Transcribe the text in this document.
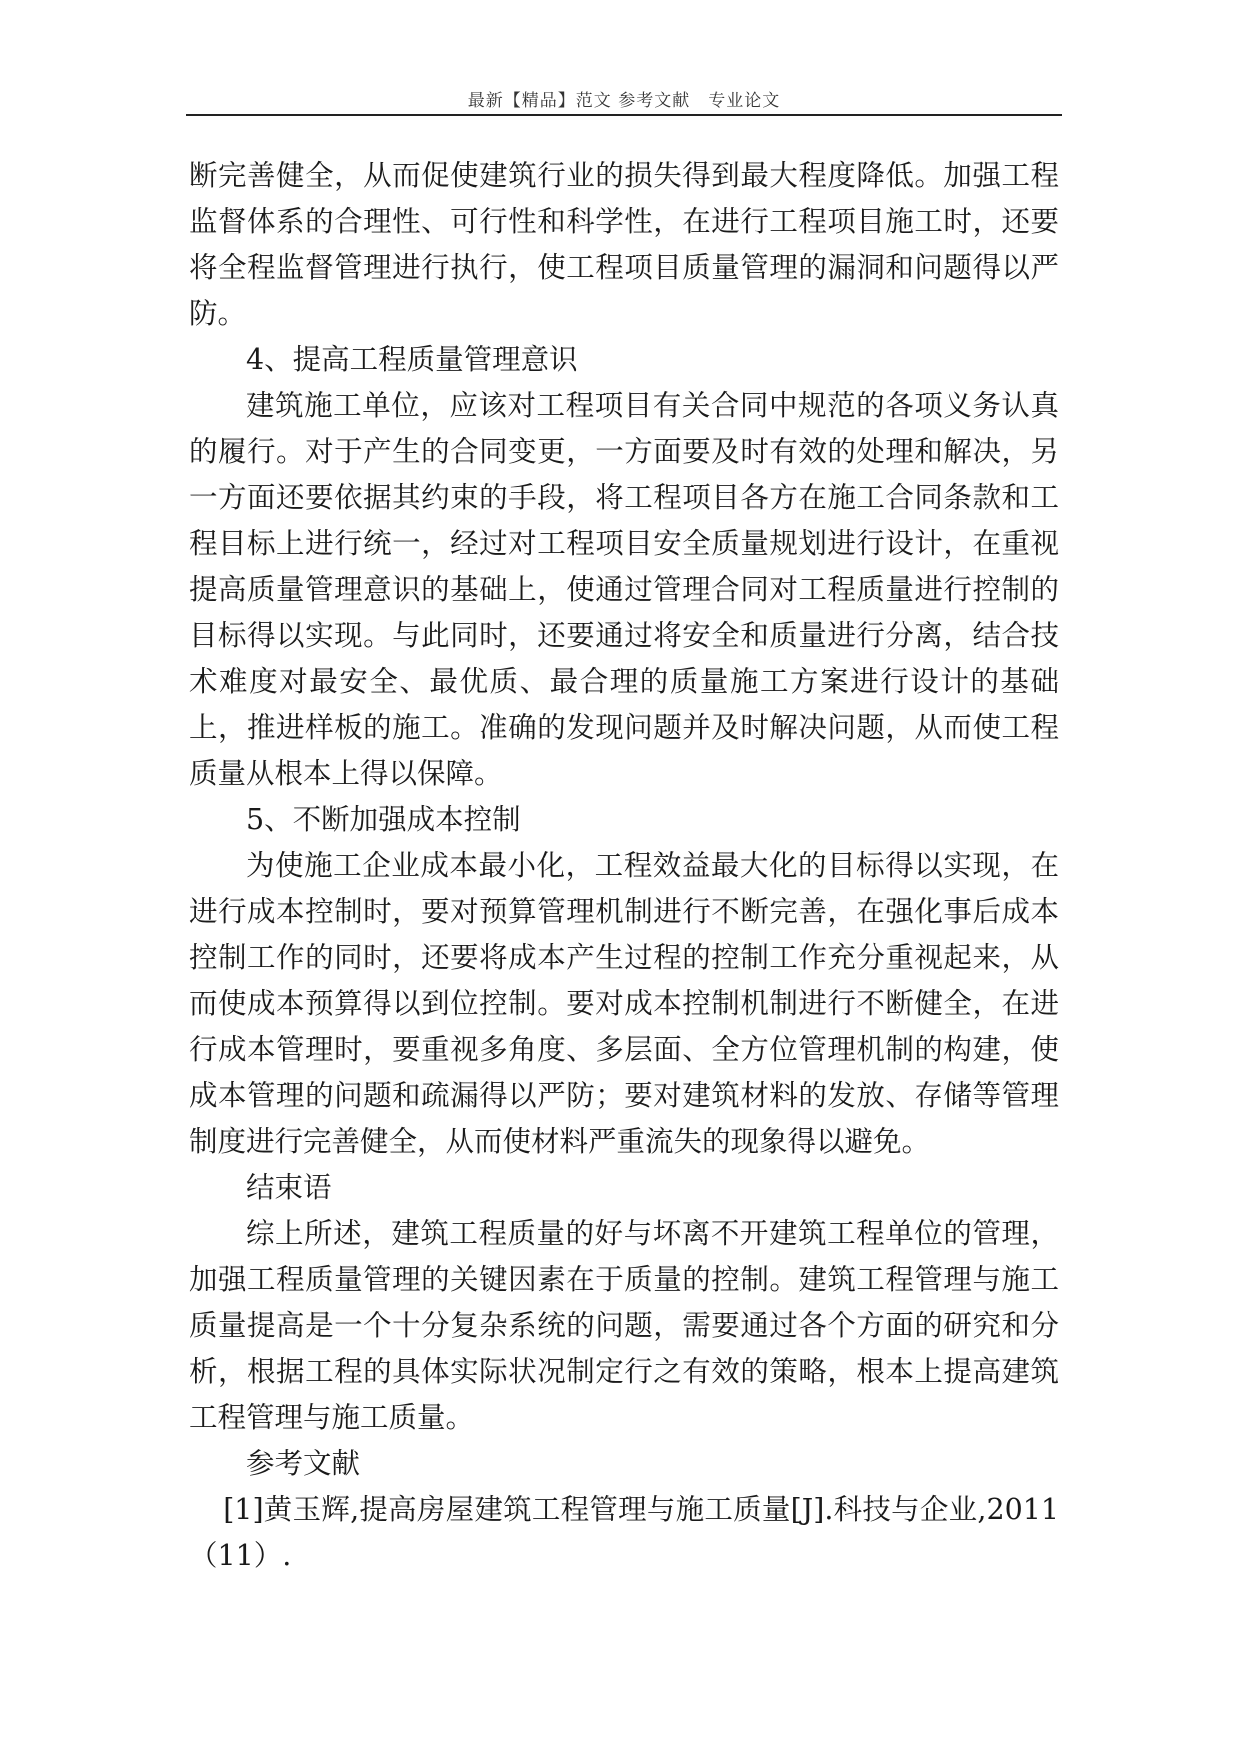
最新【精品】范文 参考文献　专业论文

断完善健全，从而促使建筑行业的损失得到最大程度降低。加强工程监督体系的合理性、可行性和科学性，在进行工程项目施工时，还要将全程监督管理进行执行，使工程项目质量管理的漏洞和问题得以严防。

4、提高工程质量管理意识

建筑施工单位，应该对工程项目有关合同中规范的各项义务认真的履行。对于产生的合同变更，一方面要及时有效的处理和解决，另一方面还要依据其约束的手段，将工程项目各方在施工合同条款和工程目标上进行统一，经过对工程项目安全质量规划进行设计，在重视提高质量管理意识的基础上，使通过管理合同对工程质量进行控制的目标得以实现。与此同时，还要通过将安全和质量进行分离，结合技术难度对最安全、最优质、最合理的质量施工方案进行设计的基础上，推进样板的施工。准确的发现问题并及时解决问题，从而使工程质量从根本上得以保障。

5、不断加强成本控制

为使施工企业成本最小化，工程效益最大化的目标得以实现，在进行成本控制时，要对预算管理机制进行不断完善，在强化事后成本控制工作的同时，还要将成本产生过程的控制工作充分重视起来，从而使成本预算得以到位控制。要对成本控制机制进行不断健全，在进行成本管理时，要重视多角度、多层面、全方位管理机制的构建，使成本管理的问题和疏漏得以严防；要对建筑材料的发放、存储等管理制度进行完善健全，从而使材料严重流失的现象得以避免。

结束语

综上所述，建筑工程质量的好与坏离不开建筑工程单位的管理，加强工程质量管理的关键因素在于质量的控制。建筑工程管理与施工质量提高是一个十分复杂系统的问题，需要通过各个方面的研究和分析，根据工程的具体实际状况制定行之有效的策略，根本上提高建筑工程管理与施工质量。

参考文献

[1]黄玉辉,提高房屋建筑工程管理与施工质量[J].科技与企业,2011（11）.
